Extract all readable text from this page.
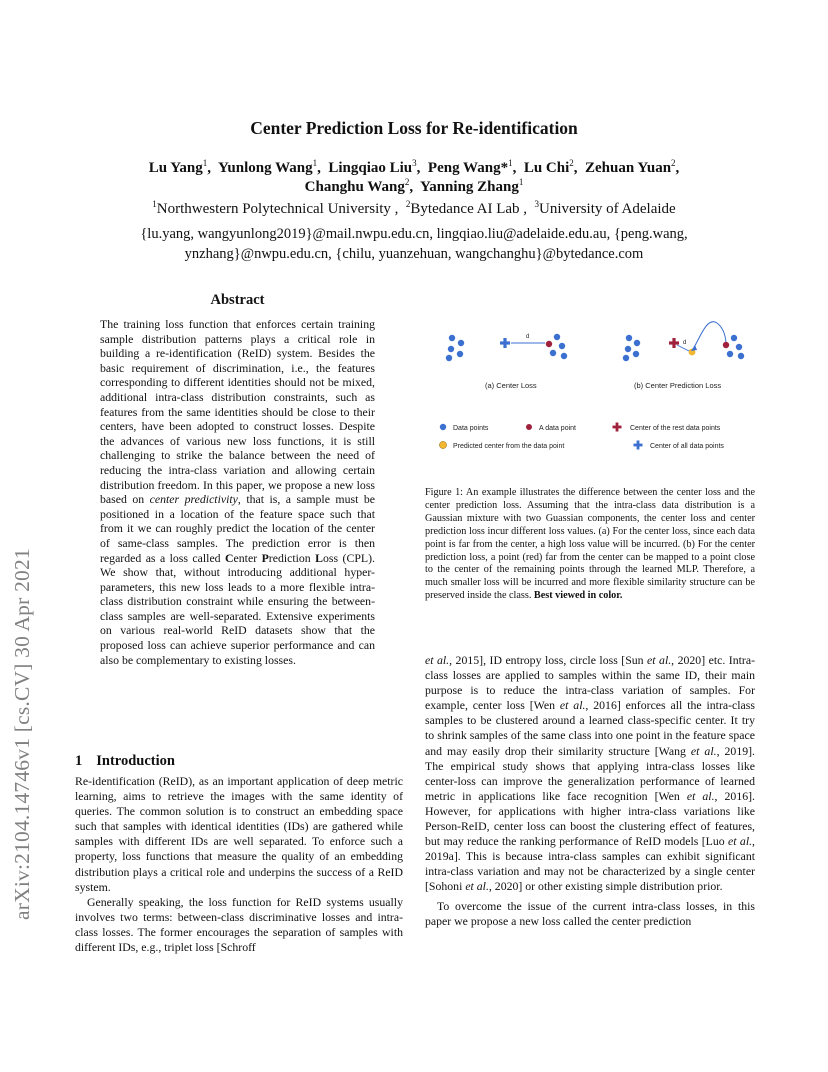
arXiv:2104.14746v1 [cs.CV] 30 Apr 2021
Center Prediction Loss for Re-identification
Lu Yang$^1$,  Yunlong Wang$^1$,  Lingqiao Liu$^3$,  Peng Wang*$^1$,  Lu Chi$^2$,  Zehuan Yuan$^2$,
Changhu Wang$^2$,  Yanning Zhang$^1$
$^1$Northwestern Polytechnical University ,  $^2$Bytedance AI Lab ,  $^3$University of Adelaide
{lu.yang, wangyunlong2019}@mail.nwpu.edu.cn, lingqiao.liu@adelaide.edu.au, {peng.wang, ynzhang}@nwpu.edu.cn, {chilu, yuanzehuan, wangchanghu}@bytedance.com
Abstract
The training loss function that enforces certain training sample distribution patterns plays a critical role in building a re-identification (ReID) system. Besides the basic requirement of discrimination, i.e., the features corresponding to different identities should not be mixed, additional intra-class distribution constraints, such as features from the same identities should be close to their centers, have been adopted to construct losses. Despite the advances of various new loss functions, it is still challenging to strike the balance between the need of reducing the intra-class variation and allowing certain distribution freedom. In this paper, we propose a new loss based on center predictivity, that is, a sample must be positioned in a location of the feature space such that from it we can roughly predict the location of the center of same-class samples. The prediction error is then regarded as a loss called Center Prediction Loss (CPL). We show that, without introducing additional hyper-parameters, this new loss leads to a more flexible intra-class distribution constraint while ensuring the between-class samples are well-separated. Extensive experiments on various real-world ReID datasets show that the proposed loss can achieve superior performance and can also be complementary to existing losses.
1 Introduction

Re-identification (ReID), as an important application of deep metric learning, aims to retrieve the images with the same identity of queries. The common solution is to construct an embedding space such that samples with identical identities (IDs) are gathered while samples with different IDs are well separated. To enforce such a property, loss functions that measure the quality of an embedding distribution plays a critical role and underpins the success of a ReID system.

Generally speaking, the loss function for ReID systems usually involves two terms: between-class discriminative losses and intra-class losses. The former encourages the separation of samples with different IDs, e.g., triplet loss [Schroff

d
(a) Center Loss
d
(b) Center Prediction Loss
Data points	A data point	Center of the rest data points
Predicted center from the data point	Center of all data points
Figure 1: An example illustrates the difference between the center loss and the center prediction loss. Assuming that the intra-class data distribution is a Gaussian mixture with two Guassian components, the center loss and center prediction loss incur different loss values. (a) For the center loss, since each data point is far from the center, a high loss value will be incurred. (b) For the center prediction loss, a point (red) far from the center can be mapped to a point close to the center of the remaining points through the learned MLP. Therefore, a much smaller loss will be incurred and more flexible similarity structure can be preserved inside the class. Best viewed in color.

et al., 2015], ID entropy loss, circle loss [Sun et al., 2020] etc. Intra-class losses are applied to samples within the same ID, their main purpose is to reduce the intra-class variation of samples. For example, center loss [Wen et al., 2016] enforces all the intra-class samples to be clustered around a learned class-specific center. It try to shrink samples of the same class into one point in the feature space and may easily drop their similarity structure [Wang et al., 2019]. The empirical study shows that applying intra-class losses like center-loss can improve the generalization performance of learned metric in applications like face recognition [Wen et al., 2016]. However, for applications with higher intra-class variations like Person-ReID, center loss can boost the clustering effect of features, but may reduce the ranking performance of ReID models [Luo et al., 2019a]. This is because intra-class samples can exhibit significant intra-class variation and may not be characterized by a single center [Sohoni et al., 2020] or other existing simple distribution prior.

To overcome the issue of the current intra-class losses, in this paper we propose a new loss called the center prediction
